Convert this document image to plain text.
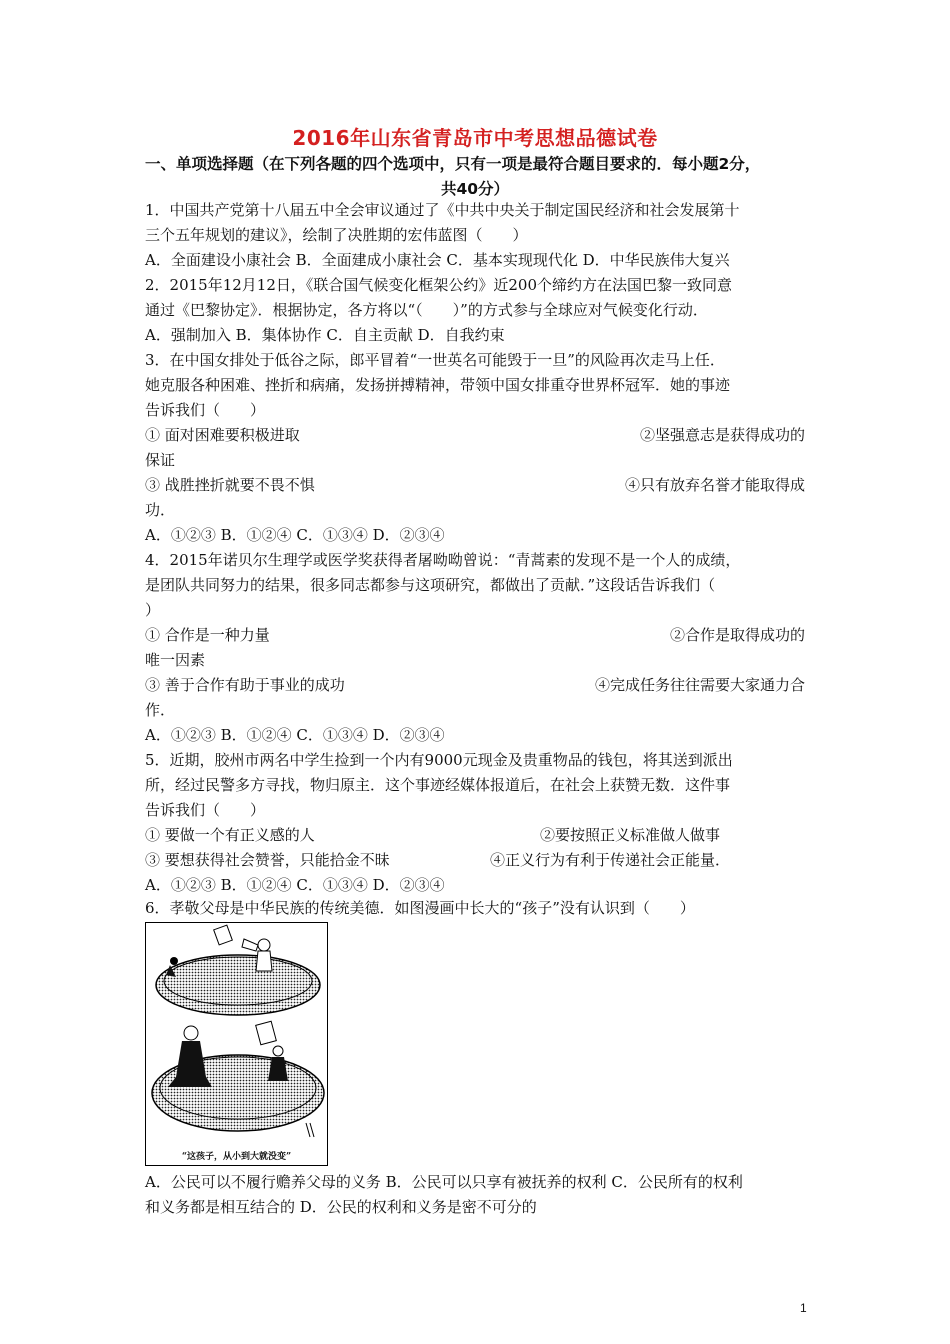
2016年山东省青岛市中考思想品德试卷
一、单项选择题（在下列各题的四个选项中，只有一项是最符合题目要求的．每小题2分，
共40分）
1．中国共产党第十八届五中全会审议通过了《中共中央关于制定国民经济和社会发展第十
三个五年规划的建议》，绘制了决胜期的宏伟蓝图（　　）
A．全面建设小康社会 B．全面建成小康社会 C．基本实现现代化 D．中华民族伟大复兴
2．2015年12月12日，《联合国气候变化框架公约》近200个缔约方在法国巴黎一致同意
通过《巴黎协定》．根据协定，各方将以“（　　）”的方式参与全球应对气候变化行动．
A．强制加入 B．集体协作 C．自主贡献 D．自我约束
3．在中国女排处于低谷之际，郎平冒着“一世英名可能毁于一旦”的风险再次走马上任．
她克服各种困难、挫折和病痛，发扬拼搏精神，带领中国女排重夺世界杯冠军．她的事迹
告诉我们（　　）
① 面对困难要积极进取	②坚强意志是获得成功的
保证
③ 战胜挫折就要不畏不惧	④只有放弃名誉才能取得成
功．
A．①②③ B．①②④ C．①③④ D．②③④
4．2015年诺贝尔生理学或医学奖获得者屠呦呦曾说：“青蒿素的发现不是一个人的成绩，
是团队共同努力的结果，很多同志都参与这项研究，都做出了贡献．”这段话告诉我们（
）
① 合作是一种力量	②合作是取得成功的
唯一因素
③ 善于合作有助于事业的成功	④完成任务往往需要大家通力合
作．
A．①②③ B．①②④ C．①③④ D．②③④
5．近期，胶州市两名中学生捡到一个内有9000元现金及贵重物品的钱包，将其送到派出
所，经过民警多方寻找，物归原主．这个事迹经媒体报道后，在社会上获赞无数．这件事
告诉我们（　　）
① 要做一个有正义感的人	②要按照正义标准做人做事
③ 要想获得社会赞誉，只能拾金不昧	④正义行为有利于传递社会正能量．
A．①②③ B．①②④ C．①③④ D．②③④
6．孝敬父母是中华民族的传统美德．如图漫画中长大的“孩子”没有认识到（　　）
“这孩子，从小到大就没变”
A．公民可以不履行赡养父母的义务 B．公民可以只享有被抚养的权利 C．公民所有的权利
和义务都是相互结合的 D．公民的权利和义务是密不可分的
1
